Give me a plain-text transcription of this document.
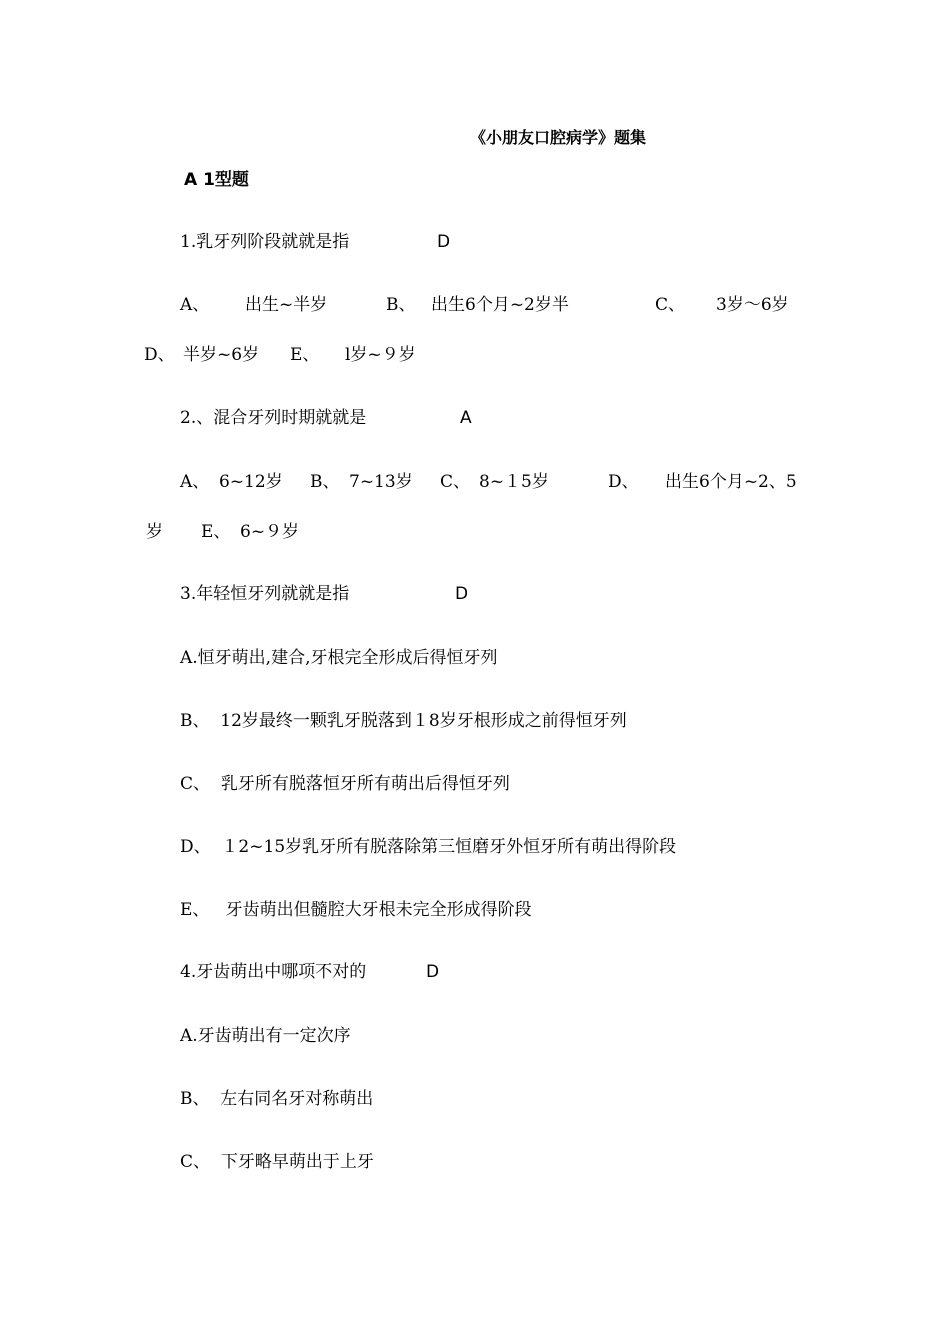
《小朋友口腔病学》题集
A 1型题
1.乳牙列阶段就就是指	D
A、 出生~半岁	B、 出生6个月~2岁半	C、 3岁～6岁
D、 半岁~6岁 E、 l岁~９岁
2.、混合牙列时期就就是	A
A、 6~12岁 B、 7~13岁 C、 8~１5岁	D、 出生6个月~2、5
岁 E、 6~９岁
3.年轻恒牙列就就是指	D
A.恒牙萌出,建合,牙根完全形成后得恒牙列
B、  12岁最终一颗乳牙脱落到１8岁牙根形成之前得恒牙列
C、  乳牙所有脱落恒牙所有萌出后得恒牙列
D、  １2~15岁乳牙所有脱落除第三恒磨牙外恒牙所有萌出得阶段
E、   牙齿萌出但髓腔大牙根未完全形成得阶段
4.牙齿萌出中哪项不对的	D
A.牙齿萌出有一定次序
B、  左右同名牙对称萌出
C、  下牙略早萌出于上牙
